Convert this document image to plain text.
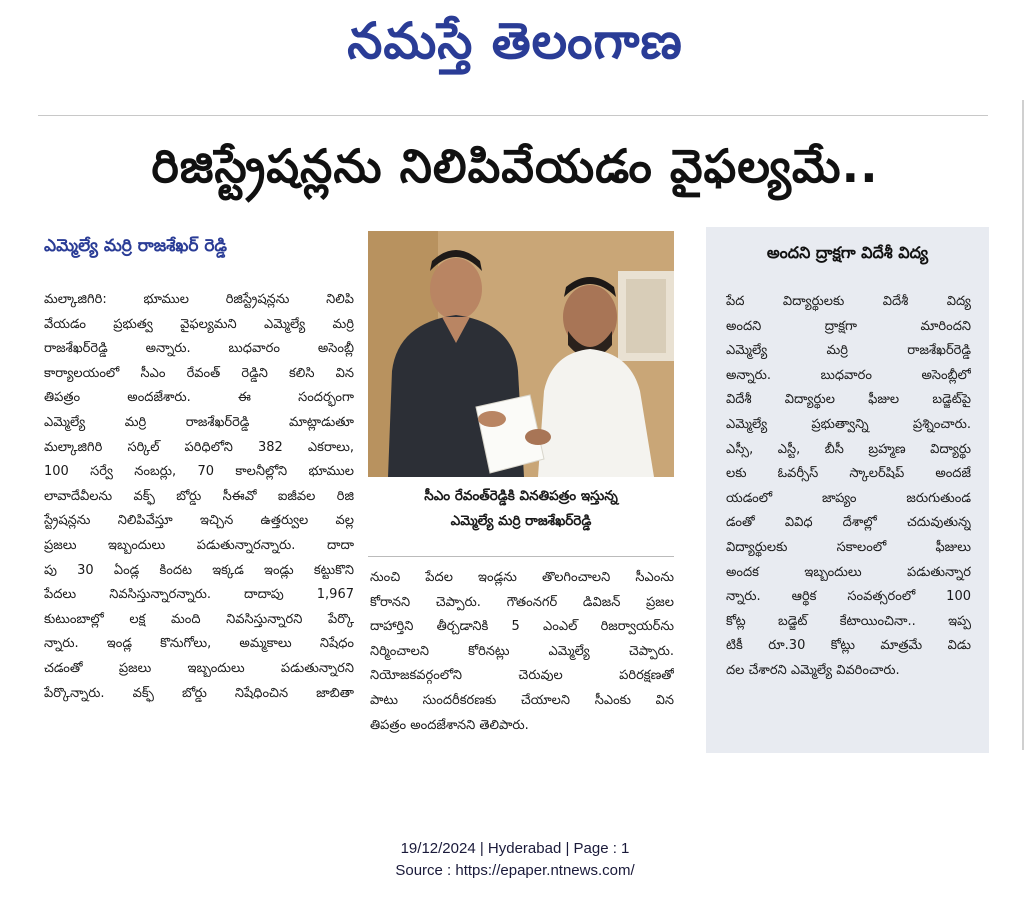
నమస్తే తెలంగాణ
రిజిస్ట్రేషన్లను నిలిపివేయడం వైఫల్యమే..
ఎమ్మెల్యే మర్రి రాజశేఖర్ రెడ్డి
మల్కాజిగిరి: భూముల రిజిస్ట్రేషన్లను నిలిపి
వేయడం ప్రభుత్వ వైఫల్యమని ఎమ్మెల్యే మర్రి
రాజశేఖర్‌రెడ్డి అన్నారు. బుధవారం అసెంబ్లీ
కార్యాలయంలో సీఎం రేవంత్ రెడ్డిని కలిసి విన
తిపత్రం అందజేశారు. ఈ సందర్భంగా
ఎమ్మెల్యే మర్రి రాజశేఖర్‌రెడ్డి మాట్లాడుతూ
మల్కాజిగిరి సర్కిల్ పరిధిలోని 382 ఎకరాలు,
100 సర్వే నంబర్లు, 70 కాలనీల్లోని భూముల
లావాదేవీలను వక్ఫ్ బోర్డు సీఈవో ఐజీవల రిజి
స్ట్రేషన్లను నిలిపివేస్తూ ఇచ్చిన ఉత్తర్వుల వల్ల
ప్రజలు ఇబ్బందులు పడుతున్నారన్నారు. దాదా
పు 30 ఏండ్ల కిందట ఇక్కడ ఇండ్లు కట్టుకొని
పేదలు నివసిస్తున్నారన్నారు. దాదాపు 1,967
కుటుంబాల్లో లక్ష మంది నివసిస్తున్నారని పేర్కొ
న్నారు. ఇండ్ల కొనుగోలు, అమ్మకాలు నిషేధం
చడంతో ప్రజలు ఇబ్బందులు పడుతున్నారని
పేర్కొన్నారు. వక్ఫ్ బోర్డు నిషేధించిన జాబితా
సీఎం రేవంత్‌రెడ్డికి వినతిపత్రం ఇస్తున్న
ఎమ్మెల్యే మర్రి రాజశేఖర్‌రెడ్డి
నుంచి పేదల ఇండ్లను తొలగించాలని సీఎంను
కోరానని చెప్పారు. గౌతంనగర్ డివిజన్ ప్రజల
దాహార్తిని తీర్చడానికి 5 ఎంఎల్ రిజర్వాయర్‌ను
నిర్మించాలని కోరినట్లు ఎమ్మెల్యే చెప్పారు.
నియోజకవర్గంలోని చెరువుల పరిరక్షణతో
పాటు సుందరీకరణకు చేయాలని సీఎంకు విన
తిపత్రం అందజేశానని తెలిపారు.
అందని ద్రాక్షగా విదేశీ విద్య
పేద విద్యార్థులకు విదేశీ విద్య
అందని ద్రాక్షగా మారిందని
ఎమ్మెల్యే మర్రి రాజశేఖర్‌రెడ్డి
అన్నారు. బుధవారం అసెంబ్లీలో
విదేశీ విద్యార్థుల ఫీజుల బడ్జెట్‌పై
ఎమ్మెల్యే ప్రభుత్వాన్ని ప్రశ్నించారు.
ఎస్సీ, ఎస్టీ, బీసీ బ్రహ్మణ విద్యార్థు
లకు ఓవర్సీస్ స్కాలర్‌షిప్ అందజే
యడంలో జాప్యం జరుగుతుండ
డంతో వివిధ దేశాల్లో చదువుతున్న
విద్యార్థులకు సకాలంలో ఫీజులు
అందక ఇబ్బందులు పడుతున్నార
న్నారు. ఆర్థిక సంవత్సరంలో 100
కోట్ల బడ్జెట్ కేటాయించినా.. ఇప్ప
టికీ రూ.30 కోట్లు మాత్రమే విడు
దల చేశారని ఎమ్మెల్యే వివరించారు.
19/12/2024 | Hyderabad | Page : 1
Source : https://epaper.ntnews.com/
